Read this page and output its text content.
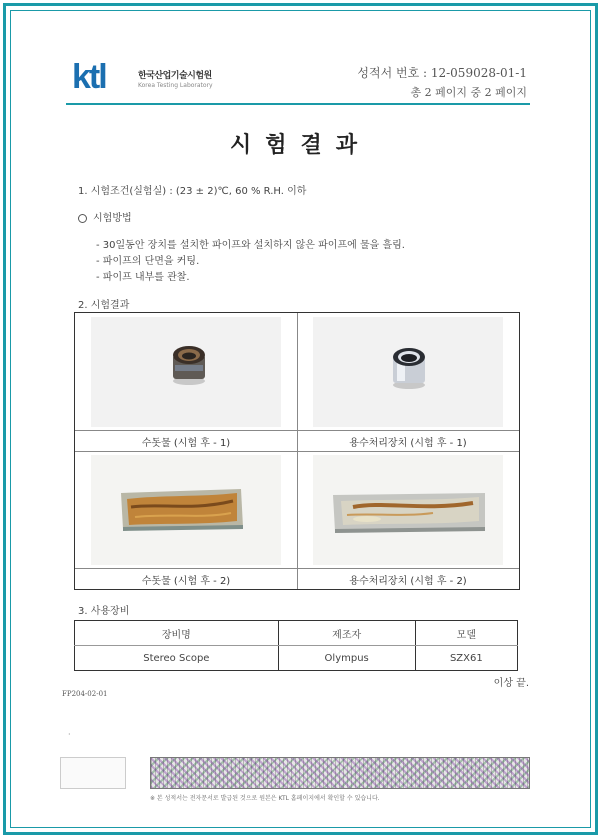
ktl	한국산업기술시험원
Korea Testing Laboratory
성적서 번호 : 12-059028-01-1
총 2 페이지 중 2 페이지
시험결과
1. 시험조건(실험실) : (23 ± 2)℃, 60 % R.H. 이하
시험방법
- 30일동안 장치를 설치한 파이프와 설치하지 않은 파이프에 물을 흘림.
- 파이프의 단면을 커팅.
- 파이프 내부를 관찰.
2. 시험결과
수돗물 (시험 후 - 1)	용수처리장치 (시험 후 - 1)
수돗물 (시험 후 - 2)	용수처리장치 (시험 후 - 2)
3. 사용장비
장비명	제조자	모델
Stereo Scope	Olympus	SZX61
이상 끝.
FP204-02-01
·
※ 본 성적서는 전자문서로 발급된 것으로 원본은 KTL 홈페이지에서 확인할 수 있습니다.
